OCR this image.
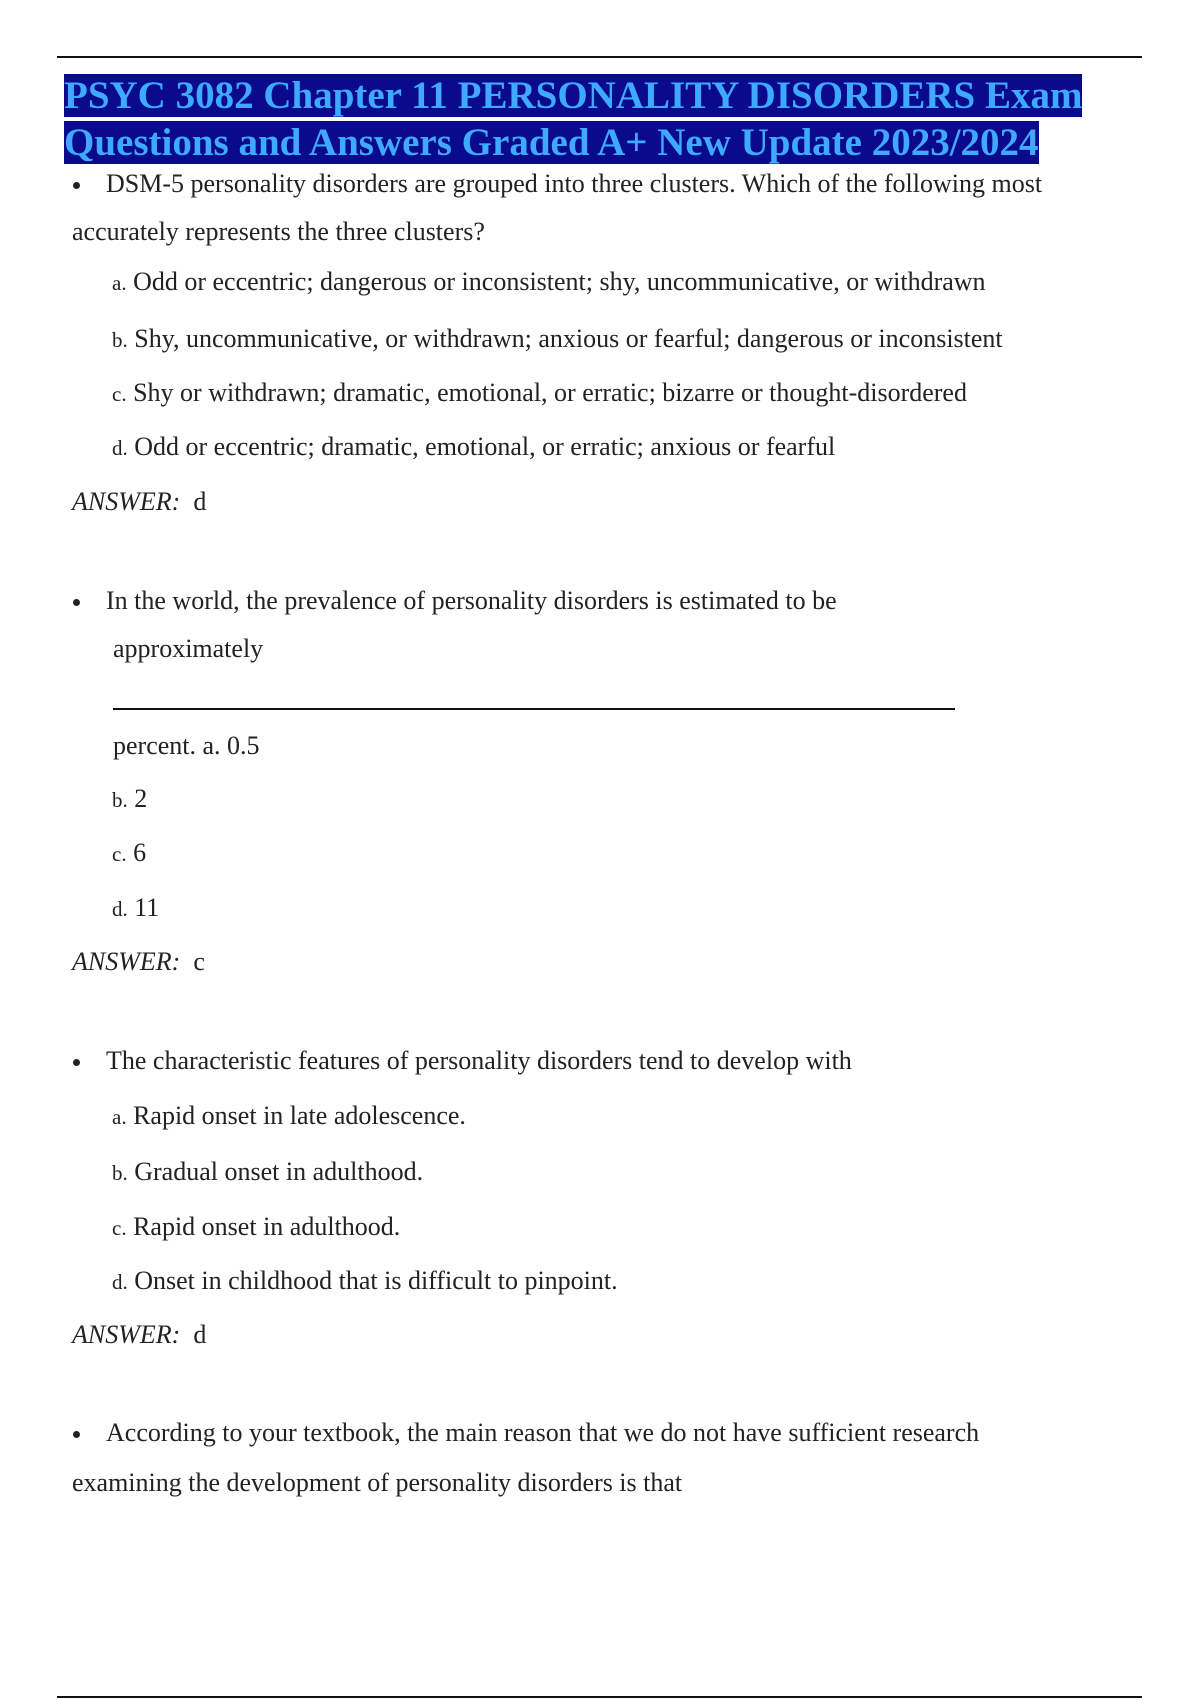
PSYC 3082 Chapter 11 PERSONALITY DISORDERS Exam
Questions and Answers Graded A+ New Update 2023/2024
DSM-5 personality disorders are grouped into three clusters. Which of the following most
accurately represents the three clusters?
a. Odd or eccentric; dangerous or inconsistent; shy, uncommunicative, or withdrawn
b. Shy, uncommunicative, or withdrawn; anxious or fearful; dangerous or inconsistent
c. Shy or withdrawn; dramatic, emotional, or erratic; bizarre or thought-disordered
d. Odd or eccentric; dramatic, emotional, or erratic; anxious or fearful
ANSWER: d
In the world, the prevalence of personality disorders is estimated to be
approximately
percent. a. 0.5
b. 2
c. 6
d. 11
ANSWER: c
The characteristic features of personality disorders tend to develop with
a. Rapid onset in late adolescence.
b. Gradual onset in adulthood.
c. Rapid onset in adulthood.
d. Onset in childhood that is difficult to pinpoint.
ANSWER: d
According to your textbook, the main reason that we do not have sufficient research
examining the development of personality disorders is that
